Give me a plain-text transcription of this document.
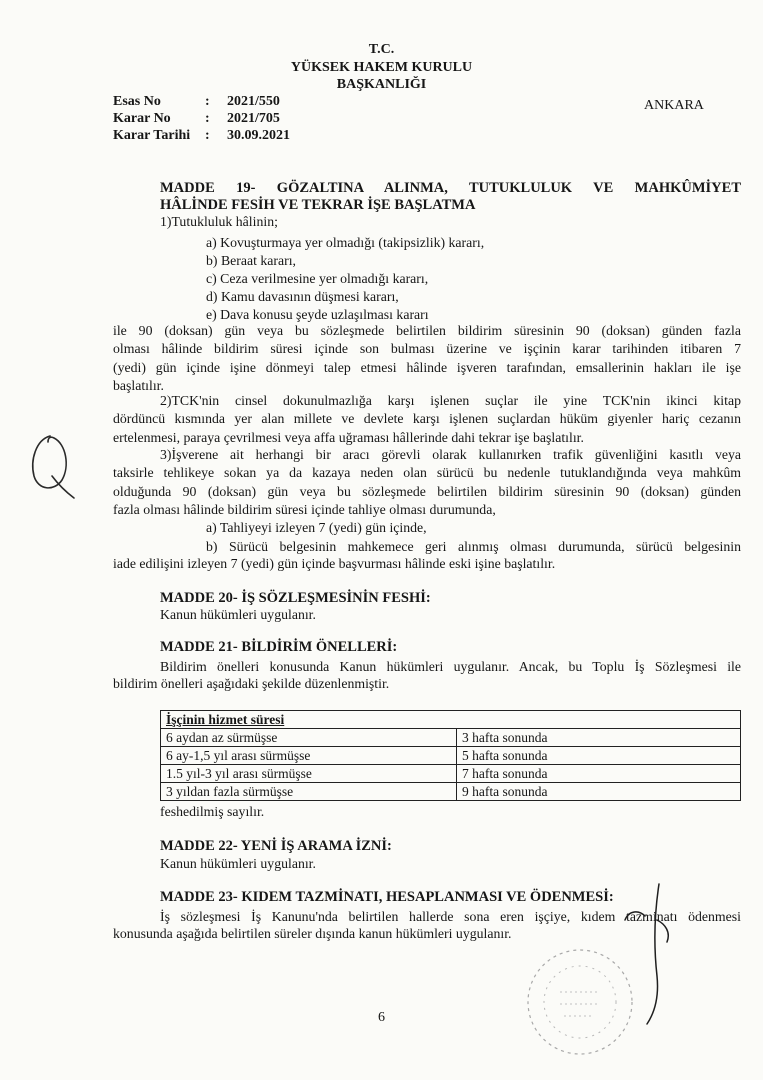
T.C.
YÜKSEK HAKEM KURULU
BAŞKANLIĞI
Esas No	: 2021/550
Karar No : 2021/705
Karar Tarihi : 30.09.2021
ANKARA
MADDE 19- GÖZALTINA ALINMA, TUTUKLULUK VE MAHKÛMİYET
HÂLİNDE FESİH VE TEKRAR İŞE BAŞLATMA
1)Tutukluluk hâlinin;
a) Kovuşturmaya yer olmadığı (takipsizlik) kararı,
b) Beraat kararı,
c) Ceza verilmesine yer olmadığı kararı,
d) Kamu davasının düşmesi kararı,
e) Dava konusu şeyde uzlaşılması kararı
ile 90 (doksan) gün veya bu sözleşmede belirtilen bildirim süresinin 90 (doksan) günden fazla
olması hâlinde bildirim süresi içinde son bulması üzerine ve işçinin karar tarihinden itibaren 7
(yedi) gün içinde işine dönmeyi talep etmesi hâlinde işveren tarafından, emsallerinin hakları ile işe
başlatılır.
2)TCK'nin cinsel dokunulmazlığa karşı işlenen suçlar ile yine TCK'nin ikinci kitap
dördüncü kısmında yer alan millete ve devlete karşı işlenen suçlardan hüküm giyenler hariç cezanın
ertelenmesi, paraya çevrilmesi veya affa uğraması hâllerinde dahi tekrar işe başlatılır.
3)İşverene ait herhangi bir aracı görevli olarak kullanırken trafik güvenliğini kasıtlı veya
taksirle tehlikeye sokan ya da kazaya neden olan sürücü bu nedenle tutuklandığında veya mahkûm
olduğunda 90 (doksan) gün veya bu sözleşmede belirtilen bildirim süresinin 90 (doksan) günden
fazla olması hâlinde bildirim süresi içinde tahliye olması durumunda,
a) Tahliyeyi izleyen 7 (yedi) gün içinde,
b) Sürücü belgesinin mahkemece geri alınmış olması durumunda, sürücü belgesinin
iade edilişini izleyen 7 (yedi) gün içinde başvurması hâlinde eski işine başlatılır.
MADDE 20- İŞ SÖZLEŞMESİNİN FESHİ:
Kanun hükümleri uygulanır.
MADDE 21- BİLDİRİM ÖNELLERİ:
Bildirim önelleri konusunda Kanun hükümleri uygulanır. Ancak, bu Toplu İş Sözleşmesi ile
bildirim önelleri aşağıdaki şekilde düzenlenmiştir.
İşçinin hizmet süresi	
6 aydan az sürmüşse	3 hafta sonunda
6 ay-1,5 yıl arası sürmüşse	5 hafta sonunda
1.5 yıl-3 yıl arası sürmüşse	7 hafta sonunda
3 yıldan fazla sürmüşse	9 hafta sonunda
feshedilmiş sayılır.
MADDE 22- YENİ İŞ ARAMA İZNİ:
Kanun hükümleri uygulanır.
MADDE 23- KIDEM TAZMİNATI, HESAPLANMASI VE ÖDENMESİ:
İş sözleşmesi İş Kanunu'nda belirtilen hallerde sona eren işçiye, kıdem tazminatı ödenmesi
konusunda aşağıda belirtilen süreler dışında kanun hükümleri uygulanır.
6
